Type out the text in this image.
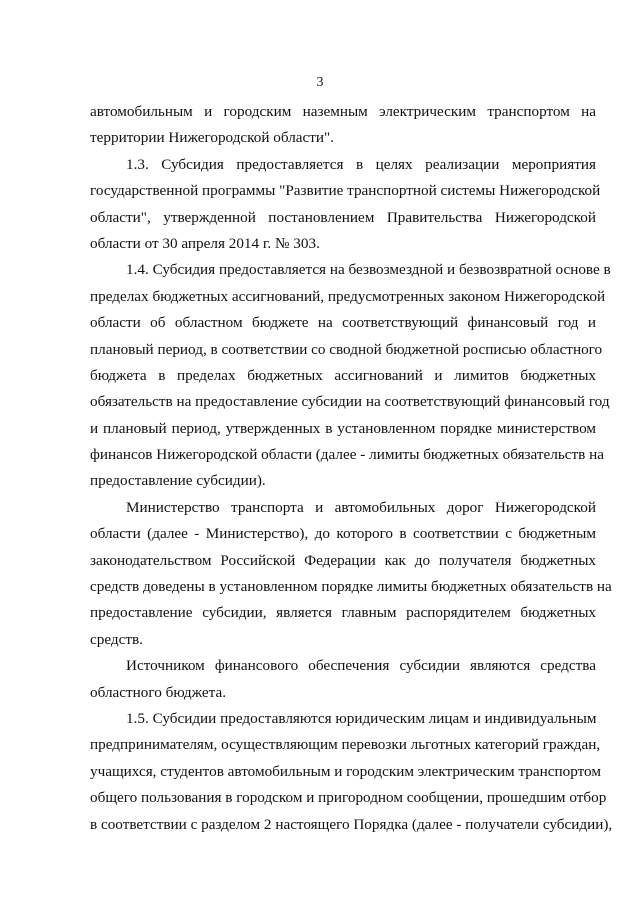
3
автомобильным и городским наземным электрическим транспортом на
территории Нижегородской области".
1.3. Субсидия предоставляется в целях реализации мероприятия
государственной программы "Развитие транспортной системы Нижегородской
области", утвержденной постановлением Правительства Нижегородской
области от 30 апреля 2014 г. № 303.
1.4. Субсидия предоставляется на безвозмездной и безвозвратной основе в
пределах бюджетных ассигнований, предусмотренных законом Нижегородской
области об областном бюджете на соответствующий финансовый год и
плановый период, в соответствии со сводной бюджетной росписью областного
бюджета в пределах бюджетных ассигнований и лимитов бюджетных
обязательств на предоставление субсидии на соответствующий финансовый год
и плановый период, утвержденных в установленном порядке министерством
финансов Нижегородской области (далее - лимиты бюджетных обязательств на
предоставление субсидии).
Министерство транспорта и автомобильных дорог Нижегородской
области (далее - Министерство), до которого в соответствии с бюджетным
законодательством Российской Федерации как до получателя бюджетных
средств доведены в установленном порядке лимиты бюджетных обязательств на
предоставление субсидии, является главным распорядителем бюджетных
средств.
Источником финансового обеспечения субсидии являются средства
областного бюджета.
1.5. Субсидии предоставляются юридическим лицам и индивидуальным
предпринимателям, осуществляющим перевозки льготных категорий граждан,
учащихся, студентов автомобильным и городским электрическим транспортом
общего пользования в городском и пригородном сообщении, прошедшим отбор
в соответствии с разделом 2 настоящего Порядка (далее - получатели субсидии),
